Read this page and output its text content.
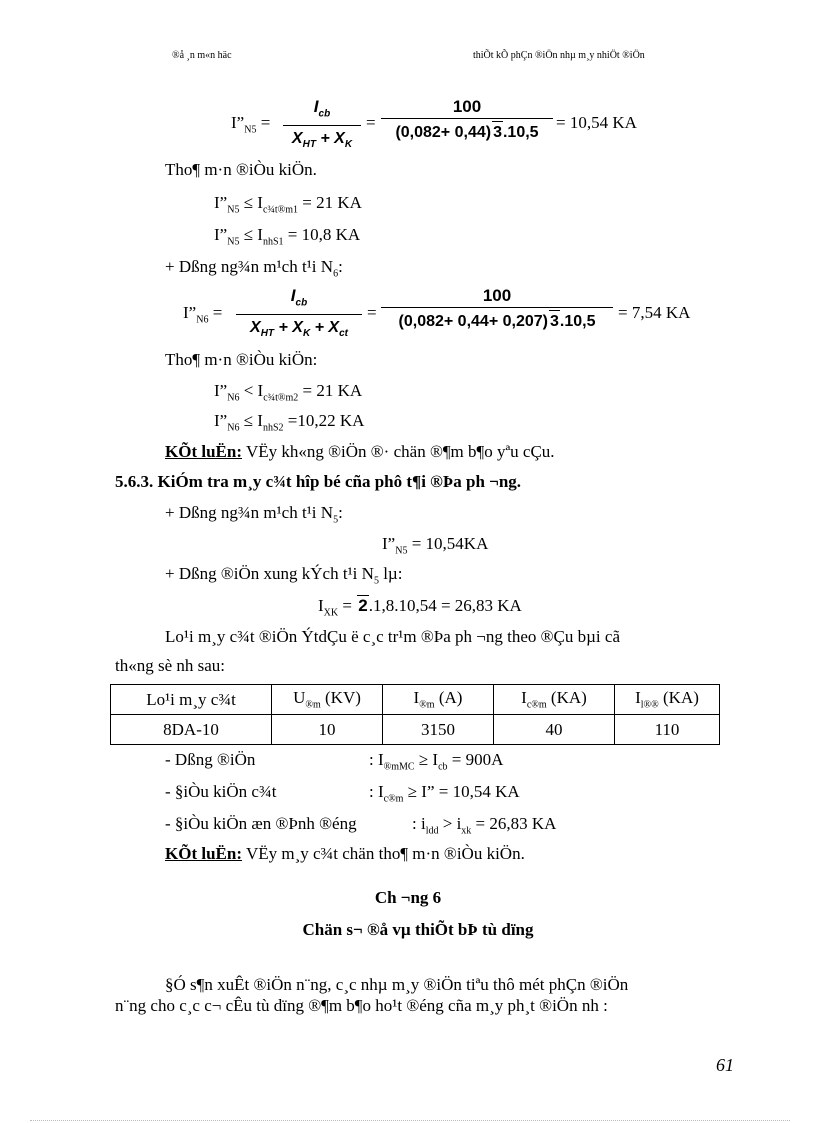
®å ¸n m«n häc	thiÕt kÕ phÇn ®iÖn nhµ m¸y nhiÖt ®iÖn
$I”_{N5}$ =
$I_{cb}$
$X_{HT} + X_K$
=
100
(0,082+ 0,44) 3.10,5
= 10,54 KA
Tho¶ m·n ®iÒu kiÖn.
$I”_{N5} \le I_{c\frac{3}{4}t®m1} = 21$ KA
$I”_{N5} \le I_{nhS1} = 10,8$ KA
+ Dßng ng¾n m¹ch t¹i $N_6$:
$I”_{N6}$ =
$I_{cb}$
$X_{HT} + X_K + X_{ct}$
=
100
(0,082+ 0,44+ 0,207) 3.10,5	= 7,54 KA
Tho¶ m·n ®iÒu kiÖn:
$I”_{N6} < I_{c\frac{3}{4}t®m2} = 21$ KA
$I”_{N6} \le I_{nhS2} =10,22$ KA
KÕt luËn: VËy kh«ng ®iÖn ®· chän ®¶m b¶o yªu cÇu.
5.6.3. KiÓm tra m¸y c¾t hîp bé cña phô t¶i ®Þa ph ¬ng.
+ Dßng ng¾n m¹ch t¹i $N_5$:
$I”_{N5} = 10,54KA$
+ Dßng ®iÖn xung kÝch t¹i $N_5$ lµ:
$I_{XK} = 2.1,8.10,54 = 26,83$ KA
Lo¹i m¸y c¾t ®iÖn ÝtdÇu ë c¸c tr¹m ®Þa ph ¬ng theo ®Çu bµi cã
th«ng sè nh sau:
Lo¹i m¸y c¾t	$U_{®m}$ (KV)	$I_{®m}$ (A)	$I_{c®m}$ (KA)	$I_{l®®}$ (KA)
8DA-10	10	3150	40	110
- Dßng ®iÖn	: $I_{®mMC} \ge I_{cb} = 900A$
- §iÒu kiÖn c¾t	: $I_{c®m} \ge I$” = 10,54 KA
- §iÒu kiÖn æn ®Þnh ®éng	: $i_{ldd} > i_{xk} = 26,83$ KA
KÕt luËn: VËy m¸y c¾t chän tho¶ m·n ®iÒu kiÖn.
Ch ¬ng 6
Chän s¬ ®å vµ thiÕt bÞ tù dïng
§Ó s¶n xuÊt ®iÖn n¨ng, c¸c nhµ m¸y ®iÖn tiªu thô mét phÇn ®iÖn
n¨ng cho c¸c c¬ cÊu tù dïng ®¶m b¶o ho¹t ®éng cña m¸y ph¸t ®iÖn nh :
61
